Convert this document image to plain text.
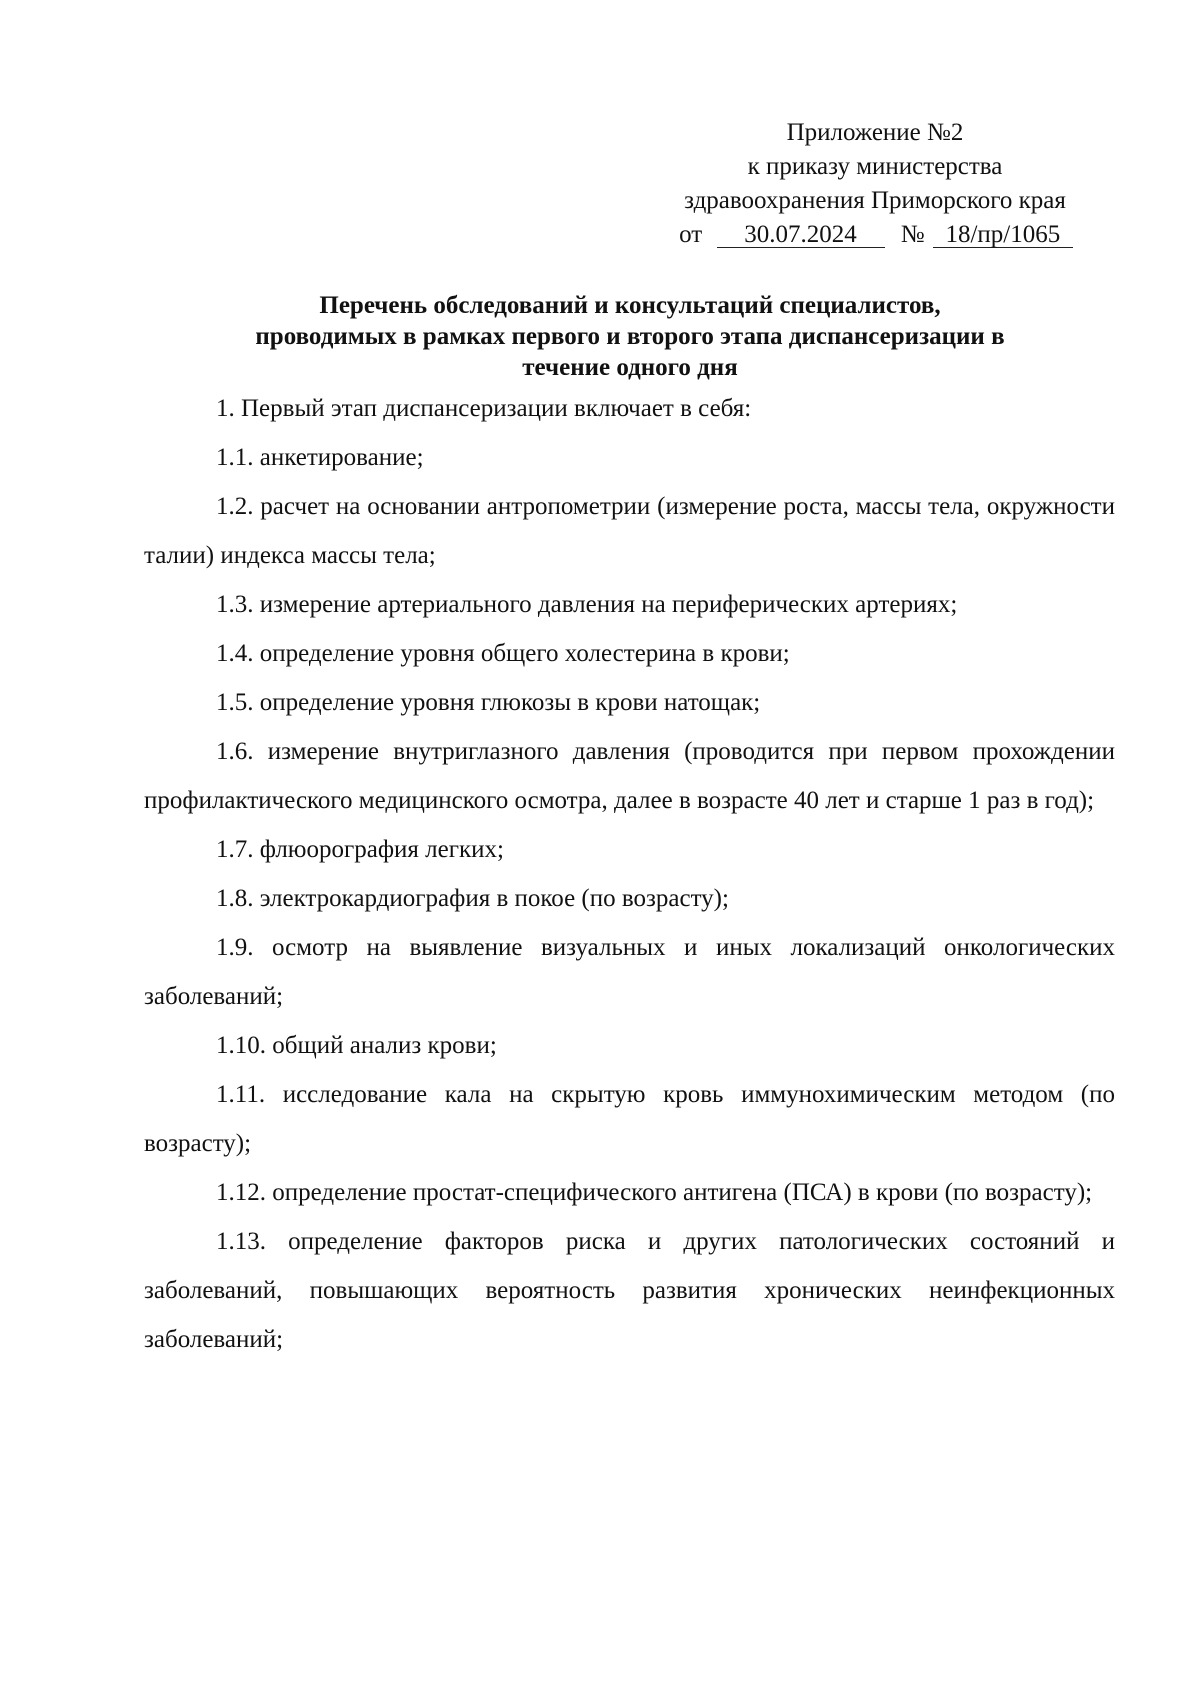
Приложение №2
к приказу министерства
здравоохранения Приморского края
от 30.07.2024 № 18/пр/1065
Перечень обследований и консультаций специалистов,
проводимых в рамках первого и второго этапа диспансеризации в
течение одного дня

1. Первый этап диспансеризации включает в себя:

1.1. анкетирование;

1.2. расчет на основании антропометрии (измерение роста, массы тела, окружности талии) индекса массы тела;

1.3. измерение артериального давления на периферических артериях;

1.4. определение уровня общего холестерина в крови;

1.5. определение уровня глюкозы в крови натощак;

1.6. измерение внутриглазного давления (проводится при первом прохождении профилактического медицинского осмотра, далее в возрасте 40 лет и старше 1 раз в год);

1.7. флюорография легких;

1.8. электрокардиография в покое (по возрасту);

1.9. осмотр на выявление визуальных и иных локализаций онкологических заболеваний;

1.10. общий анализ крови;

1.11. исследование кала на скрытую кровь иммунохимическим методом (по возрасту);

1.12. определение простат-специфического антигена (ПСА) в крови (по возрасту);

1.13. определение факторов риска и других патологических состояний и заболеваний, повышающих вероятность развития хронических неинфекционных заболеваний;
